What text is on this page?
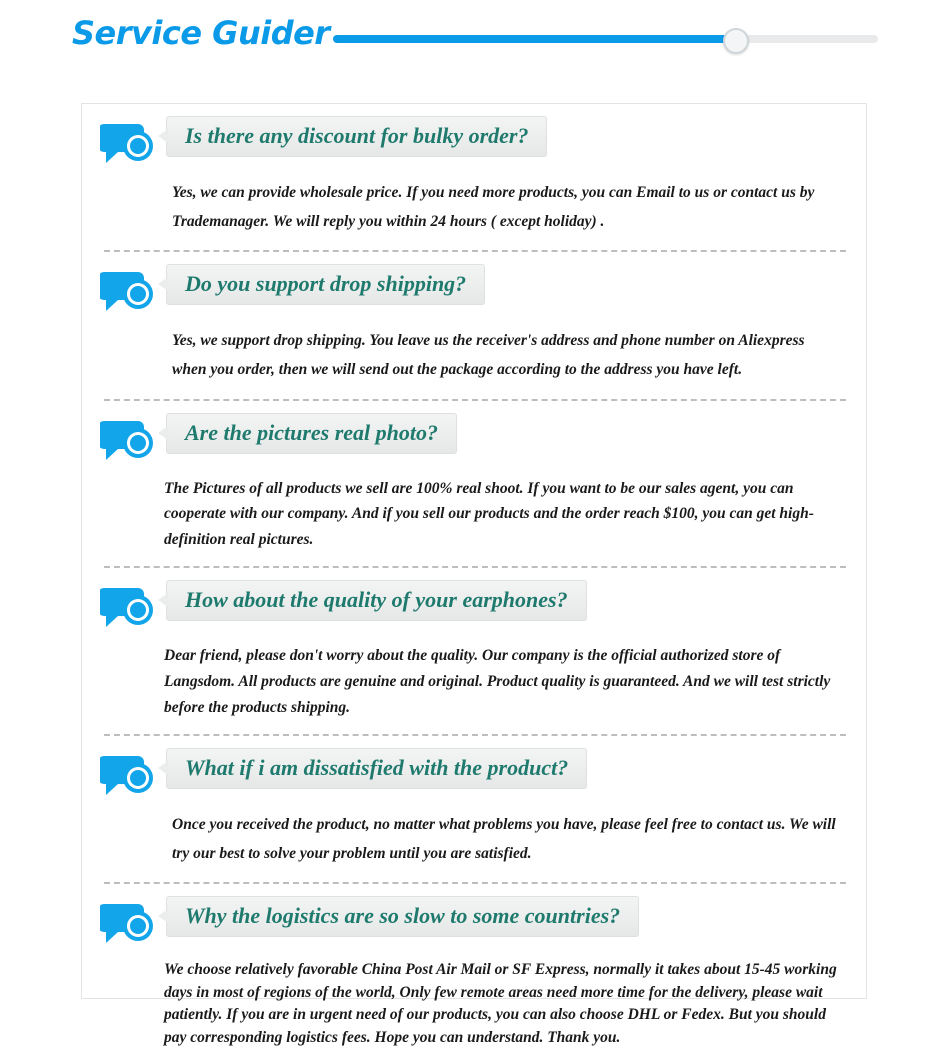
Service Guider
Is there any discount for bulky order?
Yes, we can provide wholesale price. If you need more products, you can Email to us or contact us by Trademanager. We will reply you within 24 hours ( except holiday) .
Do you support drop shipping?
Yes, we support drop shipping. You leave us the receiver's address and phone number on Aliexpress when you order, then we will send out the package according to the address you have left.
Are the pictures real photo?
The Pictures of all products we sell are 100% real shoot. If you want to be our sales agent, you can cooperate with our company. And if you sell our products and the order reach $100, you can get high-definition real pictures.
How about the quality of your earphones?
Dear friend, please don't worry about the quality. Our company is the official authorized store of Langsdom. All products are genuine and original. Product quality is guaranteed. And we will test strictly before the products shipping.
What if i am dissatisfied with the product?
Once you received the product, no matter what problems you have, please feel free to contact us. We will try our best to solve your problem until you are satisfied.
Why the logistics are so slow to some countries?
We choose relatively favorable China Post Air Mail or SF Express, normally it takes about 15-45 working days in most of regions of the world, Only few remote areas need more time for the delivery, please wait patiently. If you are in urgent need of our products, you can also choose DHL or Fedex. But you should pay corresponding logistics fees. Hope you can understand. Thank you.
